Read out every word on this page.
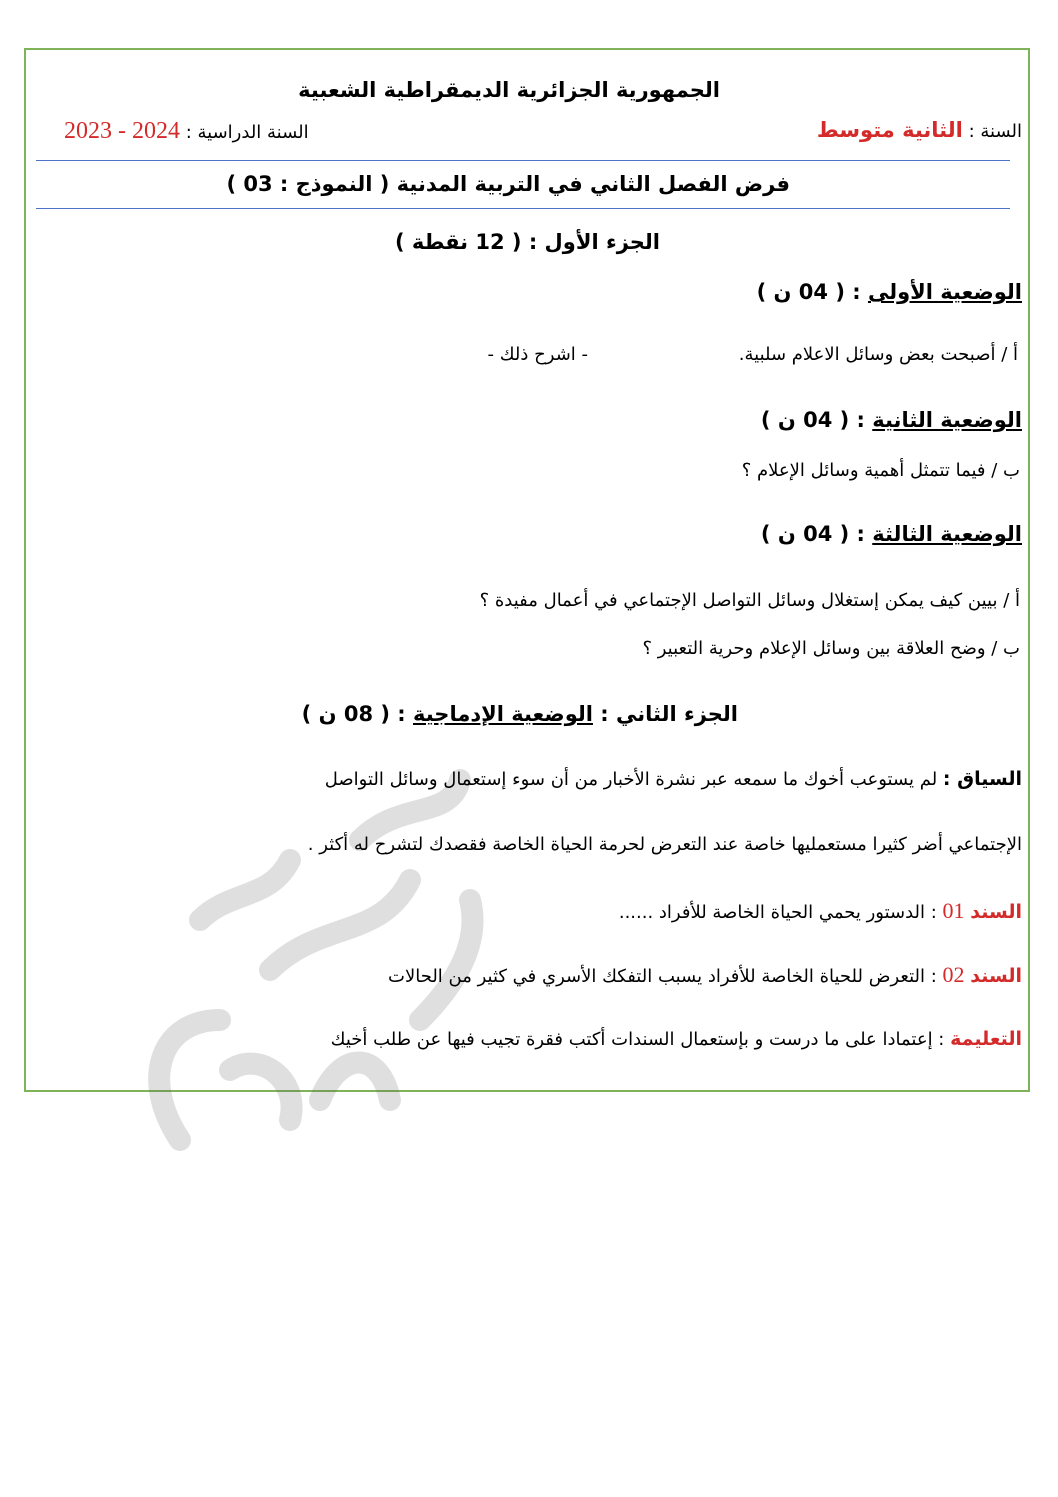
الجمهورية الجزائرية الديمقراطية الشعبية
السنة : الثانية متوسط
2023 - 2024 السنة الدراسية :
فرض الفصل الثاني في التربية المدنية ( النموذج : 03 )
الجزء الأول : ( 12 نقطة )
الوضعية الأولى : ( 04 ن )
أ / أصبحت بعض وسائل الاعلام سلبية.
- اشرح ذلك -
الوضعية الثانية : ( 04 ن )
ب / فيما تتمثل أهمية وسائل الإعلام ؟
الوضعية الثالثة : ( 04 ن )
أ / بيين كيف يمكن إستغلال وسائل التواصل الإجتماعي في أعمال مفيدة ؟
ب / وضح العلاقة بين وسائل الإعلام وحرية التعبير ؟
الجزء الثاني : الوضعية الإدماجية : ( 08 ن )
السياق : لم يستوعب أخوك ما سمعه عبر نشرة الأخبار من أن سوء إستعمال وسائل التواصل
الإجتماعي أضر كثيرا مستعمليها خاصة عند التعرض لحرمة الحياة الخاصة فقصدك لتشرح له أكثر .
السند 01 : الدستور يحمي الحياة الخاصة للأفراد ......
السند 02 : التعرض للحياة الخاصة للأفراد يسبب التفكك الأسري في كثير من الحالات
التعليمة : إعتمادا على ما درست و بإستعمال السندات أكتب فقرة تجيب فيها عن طلب أخيك
